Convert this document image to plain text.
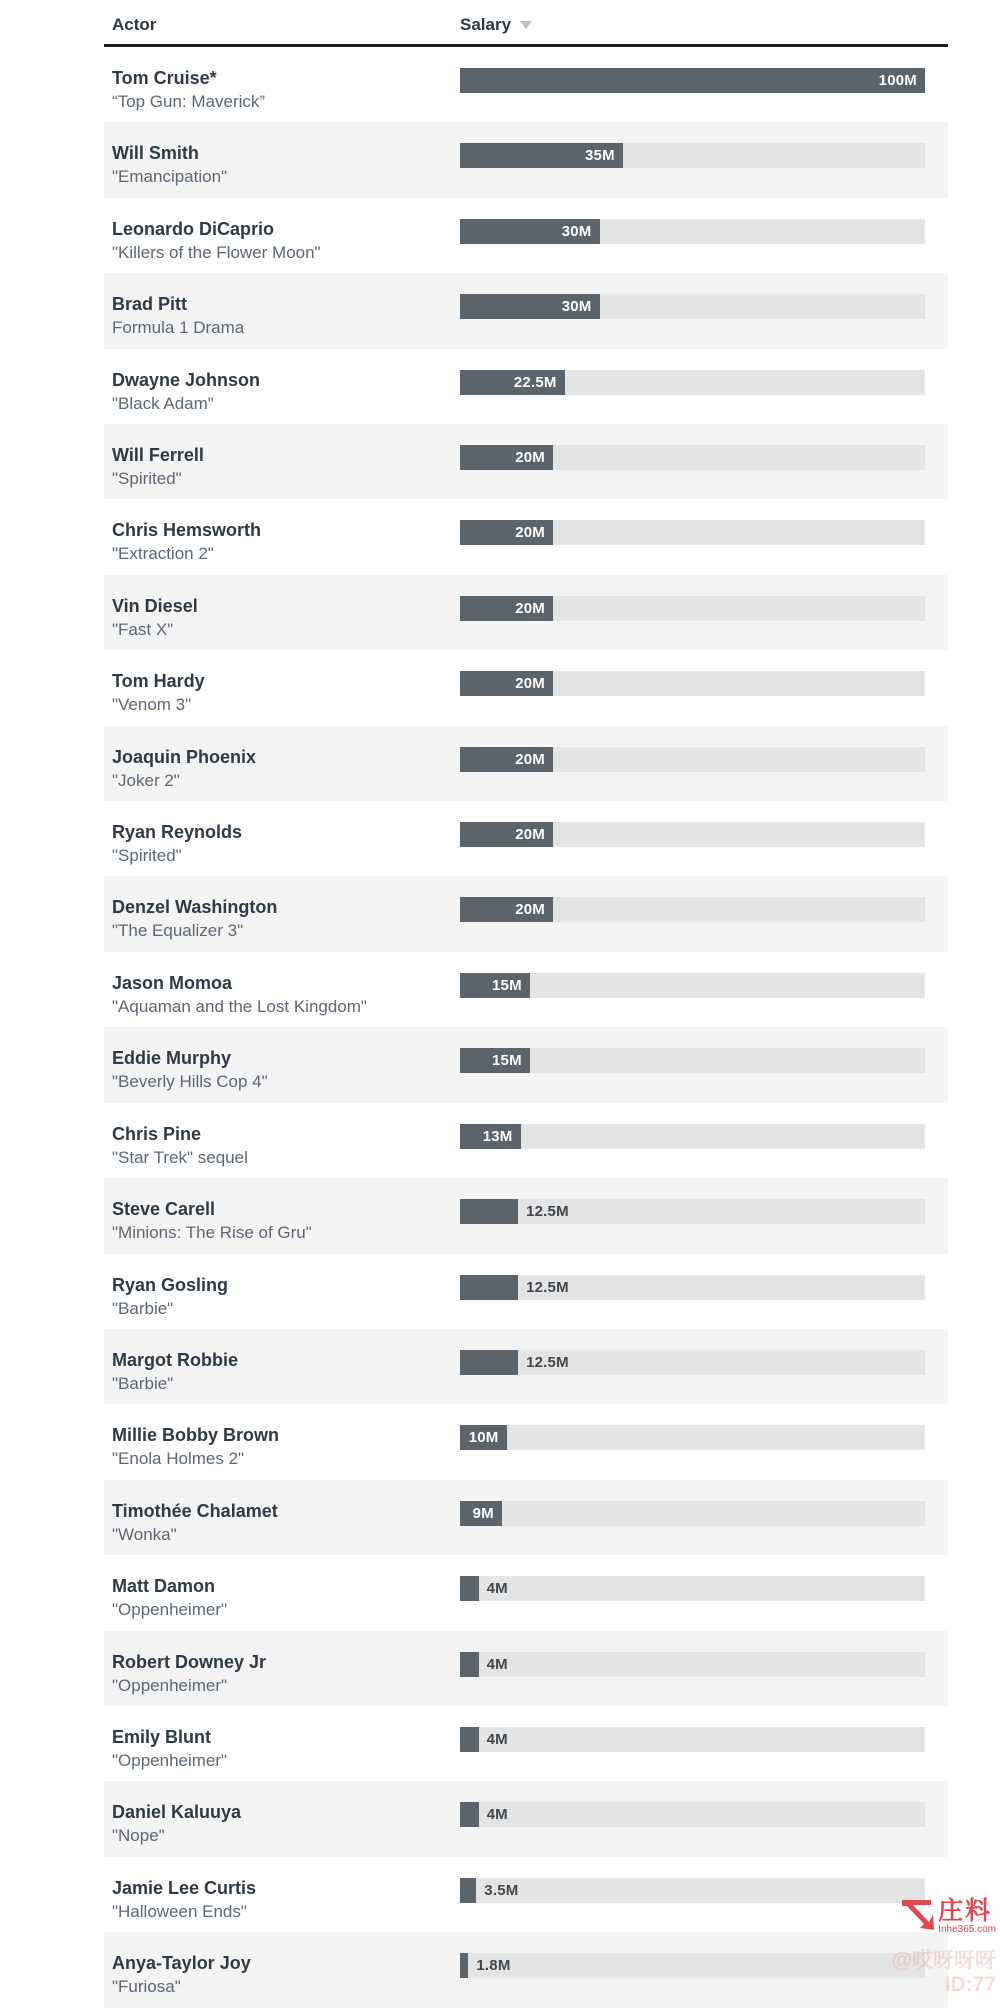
Actor	Salary
Tom Cruise*
“Top Gun: Maverick”
100M
Will Smith
"Emancipation"
35M
Leonardo DiCaprio
"Killers of the Flower Moon"
30M
Brad Pitt
Formula 1 Drama
30M
Dwayne Johnson
"Black Adam"
22.5M
Will Ferrell
"Spirited"
20M
Chris Hemsworth
"Extraction 2"
20M
Vin Diesel
"Fast X"
20M
Tom Hardy
"Venom 3"
20M
Joaquin Phoenix
"Joker 2"
20M
Ryan Reynolds
"Spirited"
20M
Denzel Washington
"The Equalizer 3"
20M
Jason Momoa
"Aquaman and the Lost Kingdom"
15M
Eddie Murphy
"Beverly Hills Cop 4"
15M
Chris Pine
"Star Trek" sequel
13M
Steve Carell
"Minions: The Rise of Gru"
12.5M
Ryan Gosling
"Barbie"
12.5M
Margot Robbie
"Barbie"
12.5M
Millie Bobby Brown
"Enola Holmes 2"
10M
Timothée Chalamet
"Wonka"
9M
Matt Damon
"Oppenheimer"
4M
Robert Downey Jr
"Oppenheimer"
4M
Emily Blunt
"Oppenheimer"
4M
Daniel Kaluuya
"Nope"
4M
Jamie Lee Curtis
"Halloween Ends"
3.5M
Anya-Taylor Joy
"Furiosa"
1.8M
庄料
Inhe365.com
@哎呀呀呀
ID:77
